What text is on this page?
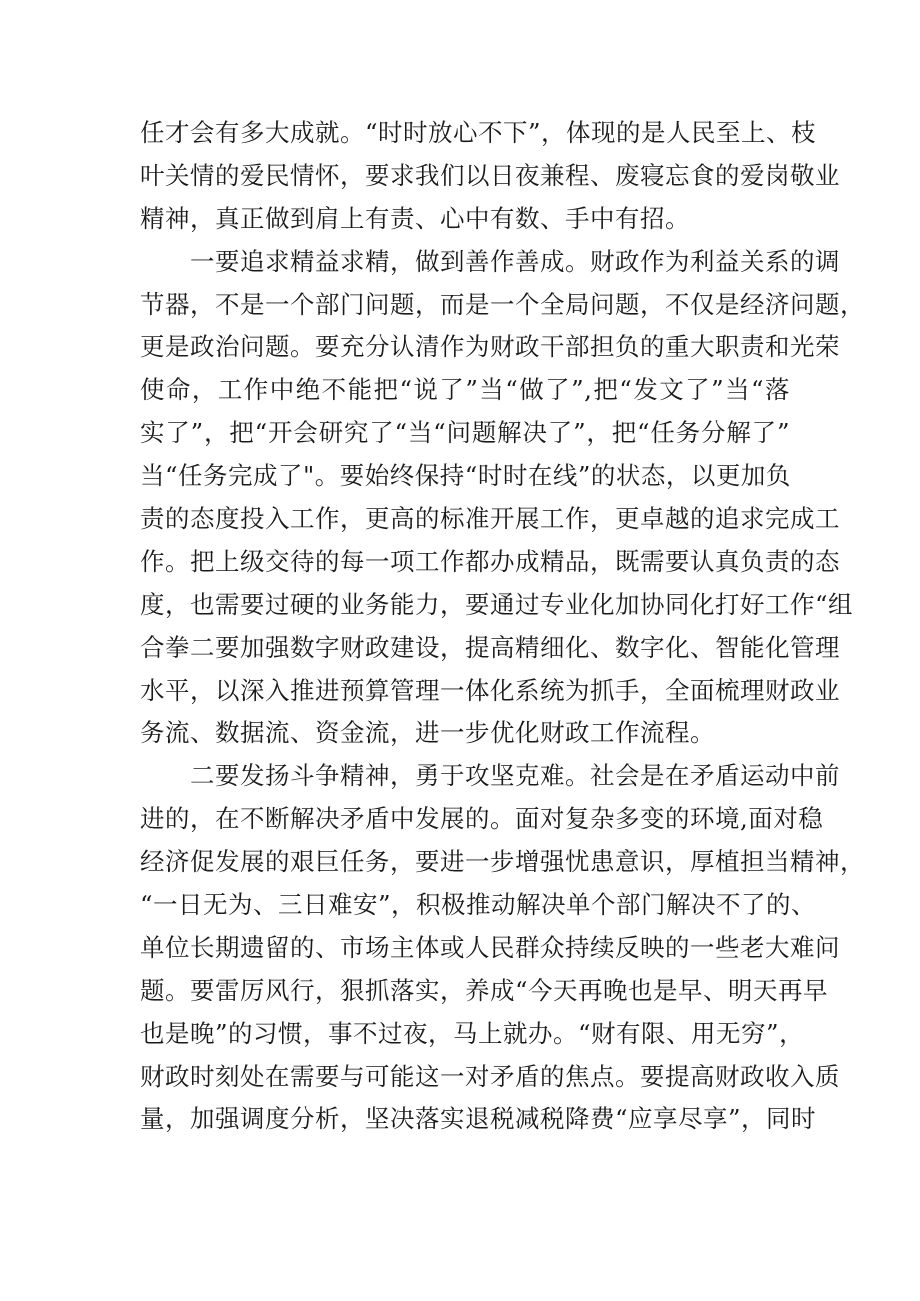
任才会有多大成就。“时时放心不下”，体现的是人民至上、枝
叶关情的爱民情怀，要求我们以日夜兼程、废寝忘食的爱岗敬业
精神，真正做到肩上有责、心中有数、手中有招。
一要追求精益求精，做到善作善成。财政作为利益关系的调
节器，不是一个部门问题，而是一个全局问题，不仅是经济问题，
更是政治问题。要充分认清作为财政干部担负的重大职责和光荣
使命，工作中绝不能把“说了”当“做了”,把“发文了”当“落
实了”，把“开会研究了“当“问题解决了”，把“任务分解了”
当“任务完成了"。要始终保持“时时在线”的状态，以更加负
责的态度投入工作，更高的标准开展工作，更卓越的追求完成工
作。把上级交待的每一项工作都办成精品，既需要认真负责的态
度，也需要过硬的业务能力，要通过专业化加协同化打好工作“组
合拳二要加强数字财政建设，提高精细化、数字化、智能化管理
水平，以深入推进预算管理一体化系统为抓手，全面梳理财政业
务流、数据流、资金流，进一步优化财政工作流程。
二要发扬斗争精神，勇于攻坚克难。社会是在矛盾运动中前
进的，在不断解决矛盾中发展的。面对复杂多变的环境,面对稳
经济促发展的艰巨任务，要进一步增强忧患意识，厚植担当精神，
“一日无为、三日难安”，积极推动解决单个部门解决不了的、
单位长期遗留的、市场主体或人民群众持续反映的一些老大难问
题。要雷厉风行，狠抓落实，养成“今天再晚也是早、明天再早
也是晚”的习惯，事不过夜，马上就办。“财有限、用无穷”，
财政时刻处在需要与可能这一对矛盾的焦点。要提高财政收入质
量，加强调度分析，坚决落实退税减税降费“应享尽享”，同时
